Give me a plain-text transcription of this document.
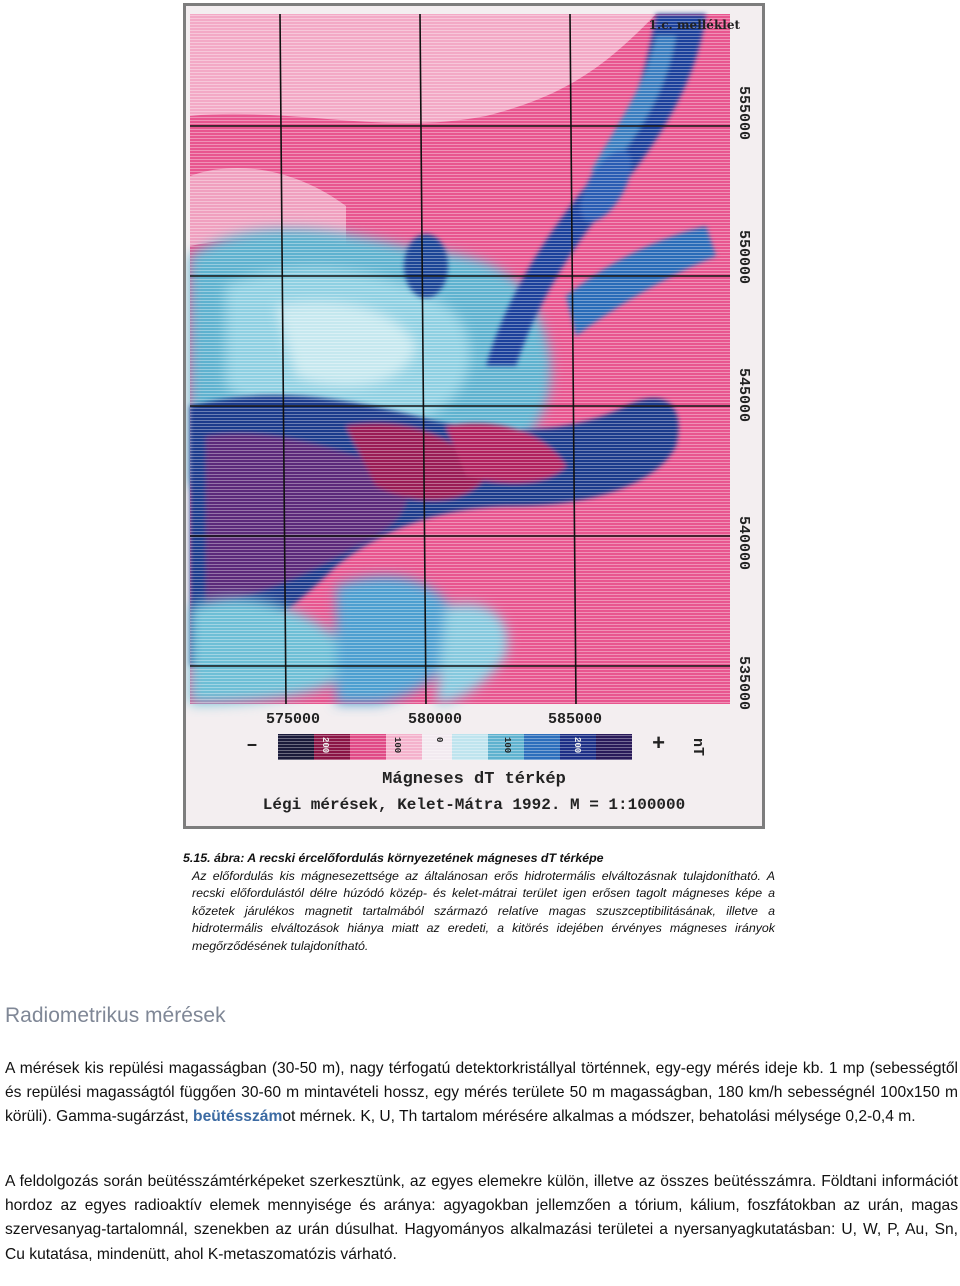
1.c. melléklet
555000
550000
545000
540000
535000
575000	580000	585000
–	+ nT
200	100	0	100	200
Mágneses dT térkép
Légi mérések, Kelet-Mátra 1992. M = 1:100000
5.15. ábra: A recski ércelőfordulás környezetének mágneses dT térképe

Az előfordulás kis mágnesezettsége az általánosan erős hidrotermális elváltozásnak tulajdonítható. A recski előfordulástól délre húzódó közép- és kelet-mátrai terület igen erősen tagolt mágneses képe a kőzetek járulékos magnetit tartalmából származó relatíve magas szuszceptibilitásának, illetve a hidrotermális elváltozások hiánya miatt az eredeti, a kitörés idejében érvényes mágneses irányok megőrződésének tulajdonítható.

Radiometrikus mérések

A mérések kis repülési magasságban (30-50 m), nagy térfogatú detektorkristállyal történnek, egy-egy mérés ideje kb. 1 mp (sebességtől és repülési magasságtól függően 30-60 m mintavételi hossz, egy mérés területe 50 m magasságban, 180 km/h sebességnél 100x150 m körüli). Gamma-sugárzást, beütésszámot mérnek. K, U, Th tartalom mérésére alkalmas a módszer, behatolási mélysége 0,2-0,4 m.

A feldolgozás során beütésszámtérképeket szerkesztünk, az egyes elemekre külön, illetve az összes beütésszámra. Földtani információt hordoz az egyes radioaktív elemek mennyisége és aránya: agyagokban jellemzően a tórium, kálium, foszfátokban az urán, magas szervesanyag-tartalomnál, szenekben az urán dúsulhat. Hagyományos alkalmazási területei a nyersanyagkutatásban: U, W, P, Au, Sn, Cu kutatása, mindenütt, ahol K-metaszomatózis várható.
